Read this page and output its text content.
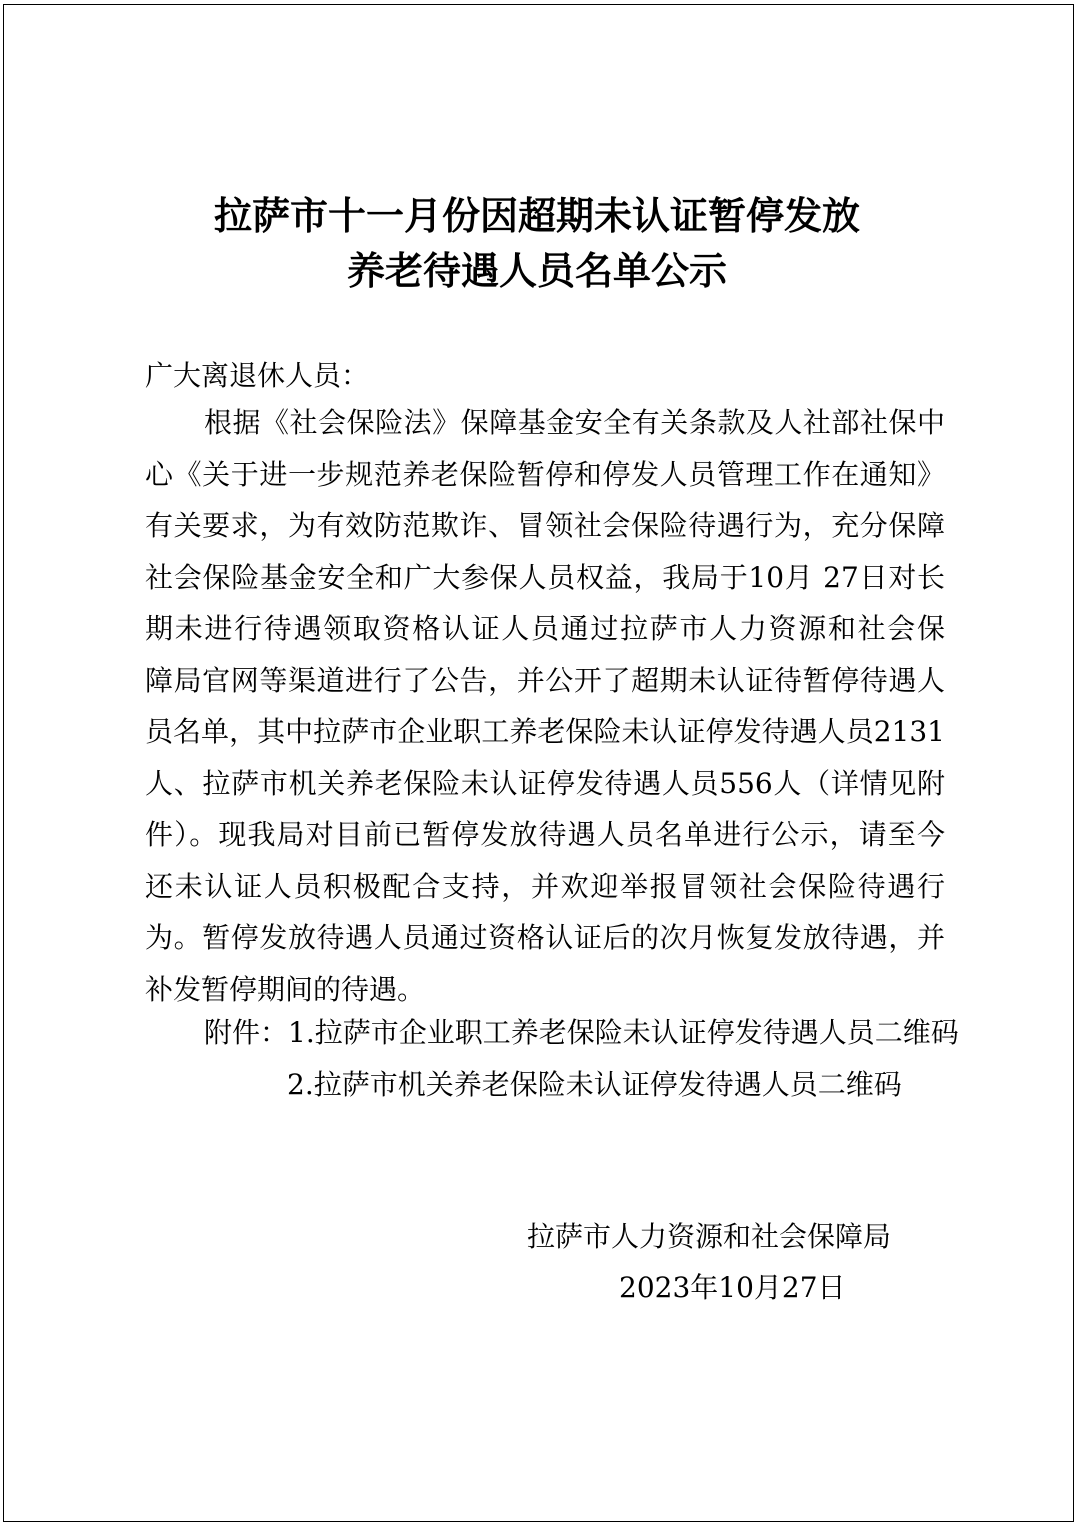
拉萨市十一月份因超期未认证暂停发放
养老待遇人员名单公示
广大离退休人员：
根据《社会保险法》保障基金安全有关条款及人社部社保中
心《关于进一步规范养老保险暂停和停发人员管理工作在通知》
有关要求，为有效防范欺诈、冒领社会保险待遇行为，充分保障
社会保险基金安全和广大参保人员权益，我局于10月 27日对长
期未进行待遇领取资格认证人员通过拉萨市人力资源和社会保
障局官网等渠道进行了公告，并公开了超期未认证待暂停待遇人
员名单，其中拉萨市企业职工养老保险未认证停发待遇人员2131
人、拉萨市机关养老保险未认证停发待遇人员556人（详情见附
件）。现我局对目前已暂停发放待遇人员名单进行公示，请至今
还未认证人员积极配合支持，并欢迎举报冒领社会保险待遇行
为。暂停发放待遇人员通过资格认证后的次月恢复发放待遇，并
补发暂停期间的待遇。
附件：1.拉萨市企业职工养老保险未认证停发待遇人员二维码
2.拉萨市机关养老保险未认证停发待遇人员二维码
拉萨市人力资源和社会保障局
2023年10月27日
